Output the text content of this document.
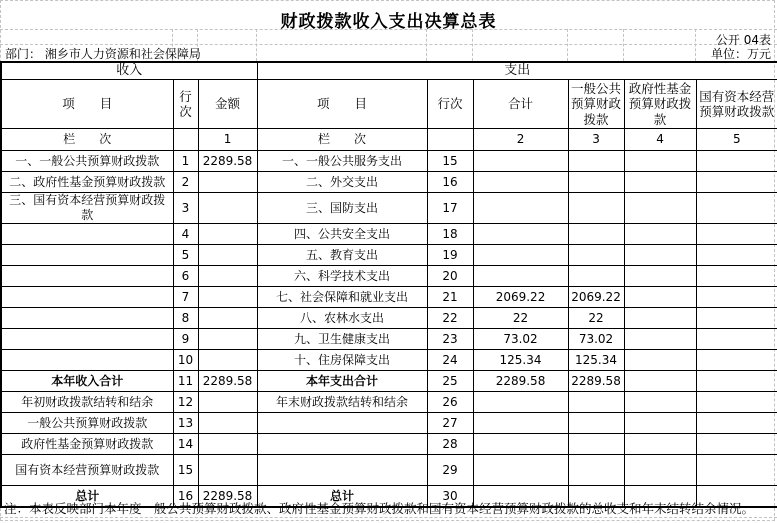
财政拨款收入支出决算总表
公开 04表
部门： 湘乡市人力资源和社会保障局	单位：万元
收入			支出					
项　　目	行次	金额	项　　目	行次	合计	一般公共预算财政拨款	政府性基金预算财政拨款	国有资本经营预算财政拨款
栏　　次		1	栏　　次		2	3	4	5
一、一般公共预算财政拨款	1	2289.58	一、一般公共服务支出	15				
二、政府性基金预算财政拨款	2		二、外交支出	16				
三、国有资本经营预算财政拨款	3		三、国防支出	17				
	4		四、公共安全支出	18				
	5		五、教育支出	19				
	6		六、科学技术支出	20				
	7		七、社会保障和就业支出	21	2069.22	2069.22		
	8		八、农林水支出	22	22	22		
	9		九、卫生健康支出	23	73.02	73.02		
	10		十、住房保障支出	24	125.34	125.34		
本年收入合计	11	2289.58	本年支出合计	25	2289.58	2289.58		
年初财政拨款结转和结余	12		年末财政拨款结转和结余	26				
一般公共预算财政拨款	13			27				
政府性基金预算财政拨款	14			28				
国有资本经营预算财政拨款	15			29				
总计	16	2289.58	总计	30				
注：本表反映部门本年度一般公共预算财政拨款、政府性基金预算财政拨款和国有资本经营预算财政拨款的总收支和年末结转结余情况。
